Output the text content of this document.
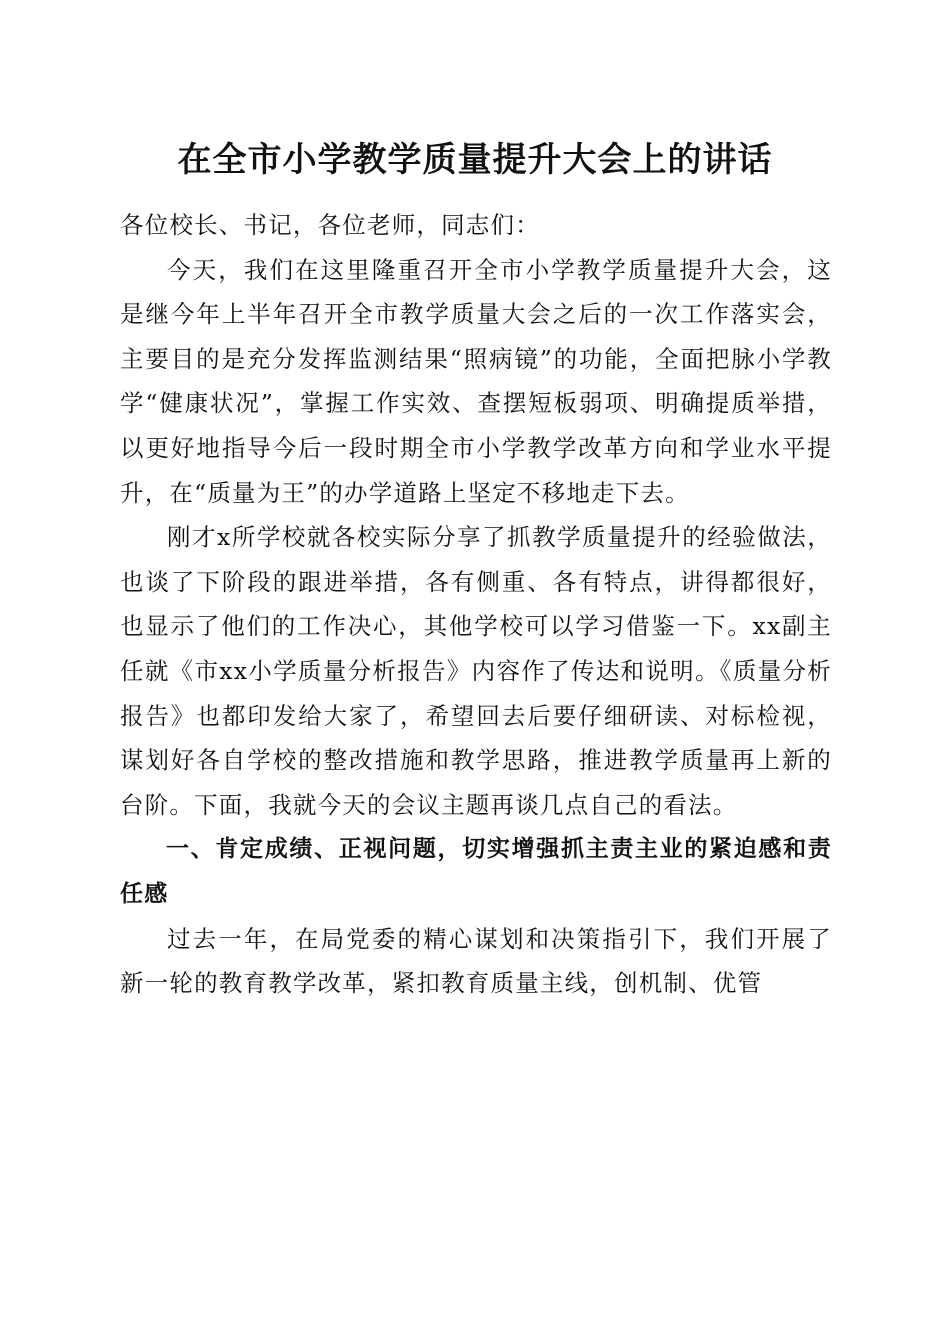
在全市小学教学质量提升大会上的讲话

各位校长、书记，各位老师，同志们：

今天，我们在这里隆重召开全市小学教学质量提升大会，这是继今年上半年召开全市教学质量大会之后的一次工作落实会，主要目的是充分发挥监测结果“照病镜”的功能，全面把脉小学教学“健康状况”，掌握工作实效、查摆短板弱项、明确提质举措，以更好地指导今后一段时期全市小学教学改革方向和学业水平提升，在“质量为王”的办学道路上坚定不移地走下去。

刚才x所学校就各校实际分享了抓教学质量提升的经验做法，也谈了下阶段的跟进举措，各有侧重、各有特点，讲得都很好，也显示了他们的工作决心，其他学校可以学习借鉴一下。xx副主任就《市xx小学质量分析报告》内容作了传达和说明。《质量分析报告》也都印发给大家了，希望回去后要仔细研读、对标检视，谋划好各自学校的整改措施和教学思路，推进教学质量再上新的台阶。下面，我就今天的会议主题再谈几点自己的看法。

一、肯定成绩、正视问题，切实增强抓主责主业的紧迫感和责任感

过去一年，在局党委的精心谋划和决策指引下，我们开展了新一轮的教育教学改革，紧扣教育质量主线，创机制、优管
